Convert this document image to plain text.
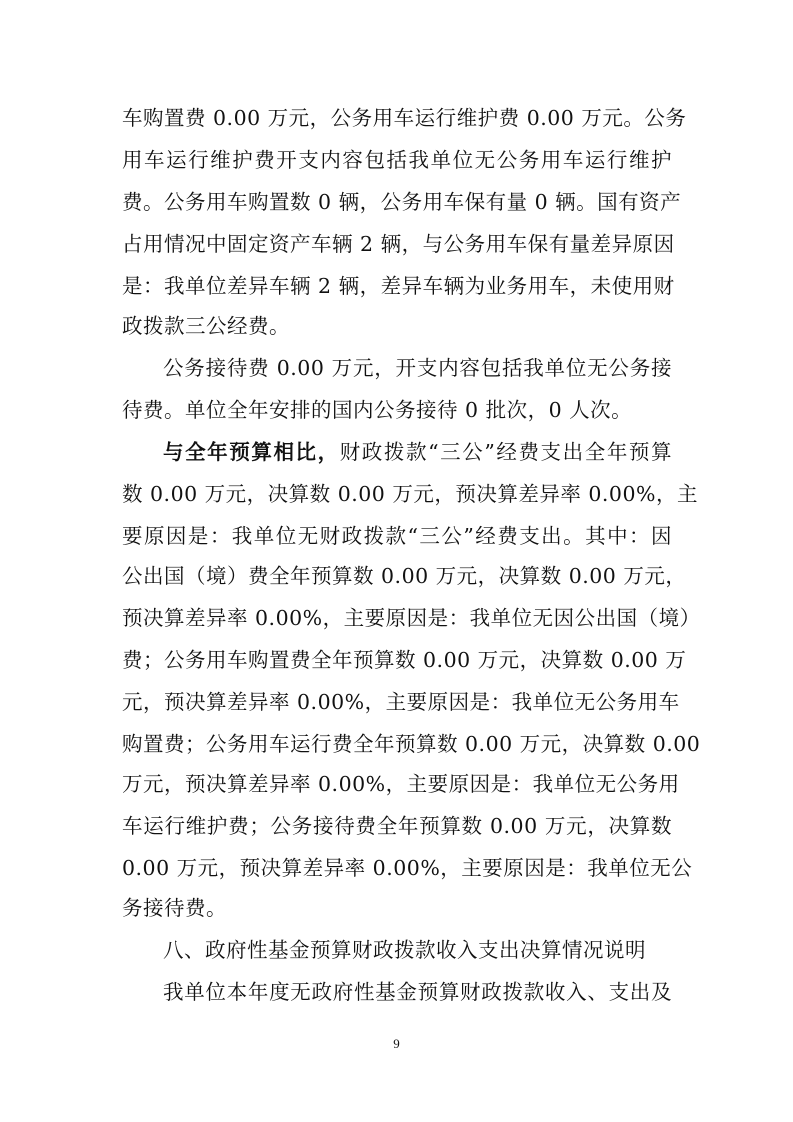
车购置费 0.00 万元，公务用车运行维护费 0.00 万元。公务
用车运行维护费开支内容包括我单位无公务用车运行维护
费。公务用车购置数 0 辆，公务用车保有量 0 辆。国有资产
占用情况中固定资产车辆 2 辆，与公务用车保有量差异原因
是：我单位差异车辆 2 辆，差异车辆为业务用车，未使用财
政拨款三公经费。
公务接待费 0.00 万元，开支内容包括我单位无公务接
待费。单位全年安排的国内公务接待 0 批次，0 人次。
与全年预算相比，财政拨款“三公”经费支出全年预算
数 0.00 万元，决算数 0.00 万元，预决算差异率 0.00%，主
要原因是：我单位无财政拨款“三公”经费支出。其中：因
公出国（境）费全年预算数 0.00 万元，决算数 0.00 万元，
预决算差异率 0.00%，主要原因是：我单位无因公出国（境）
费；公务用车购置费全年预算数 0.00 万元，决算数 0.00 万
元，预决算差异率 0.00%，主要原因是：我单位无公务用车
购置费；公务用车运行费全年预算数 0.00 万元，决算数 0.00
万元，预决算差异率 0.00%，主要原因是：我单位无公务用
车运行维护费；公务接待费全年预算数 0.00 万元，决算数
0.00 万元，预决算差异率 0.00%，主要原因是：我单位无公
务接待费。
八、政府性基金预算财政拨款收入支出决算情况说明
我单位本年度无政府性基金预算财政拨款收入、支出及
9
